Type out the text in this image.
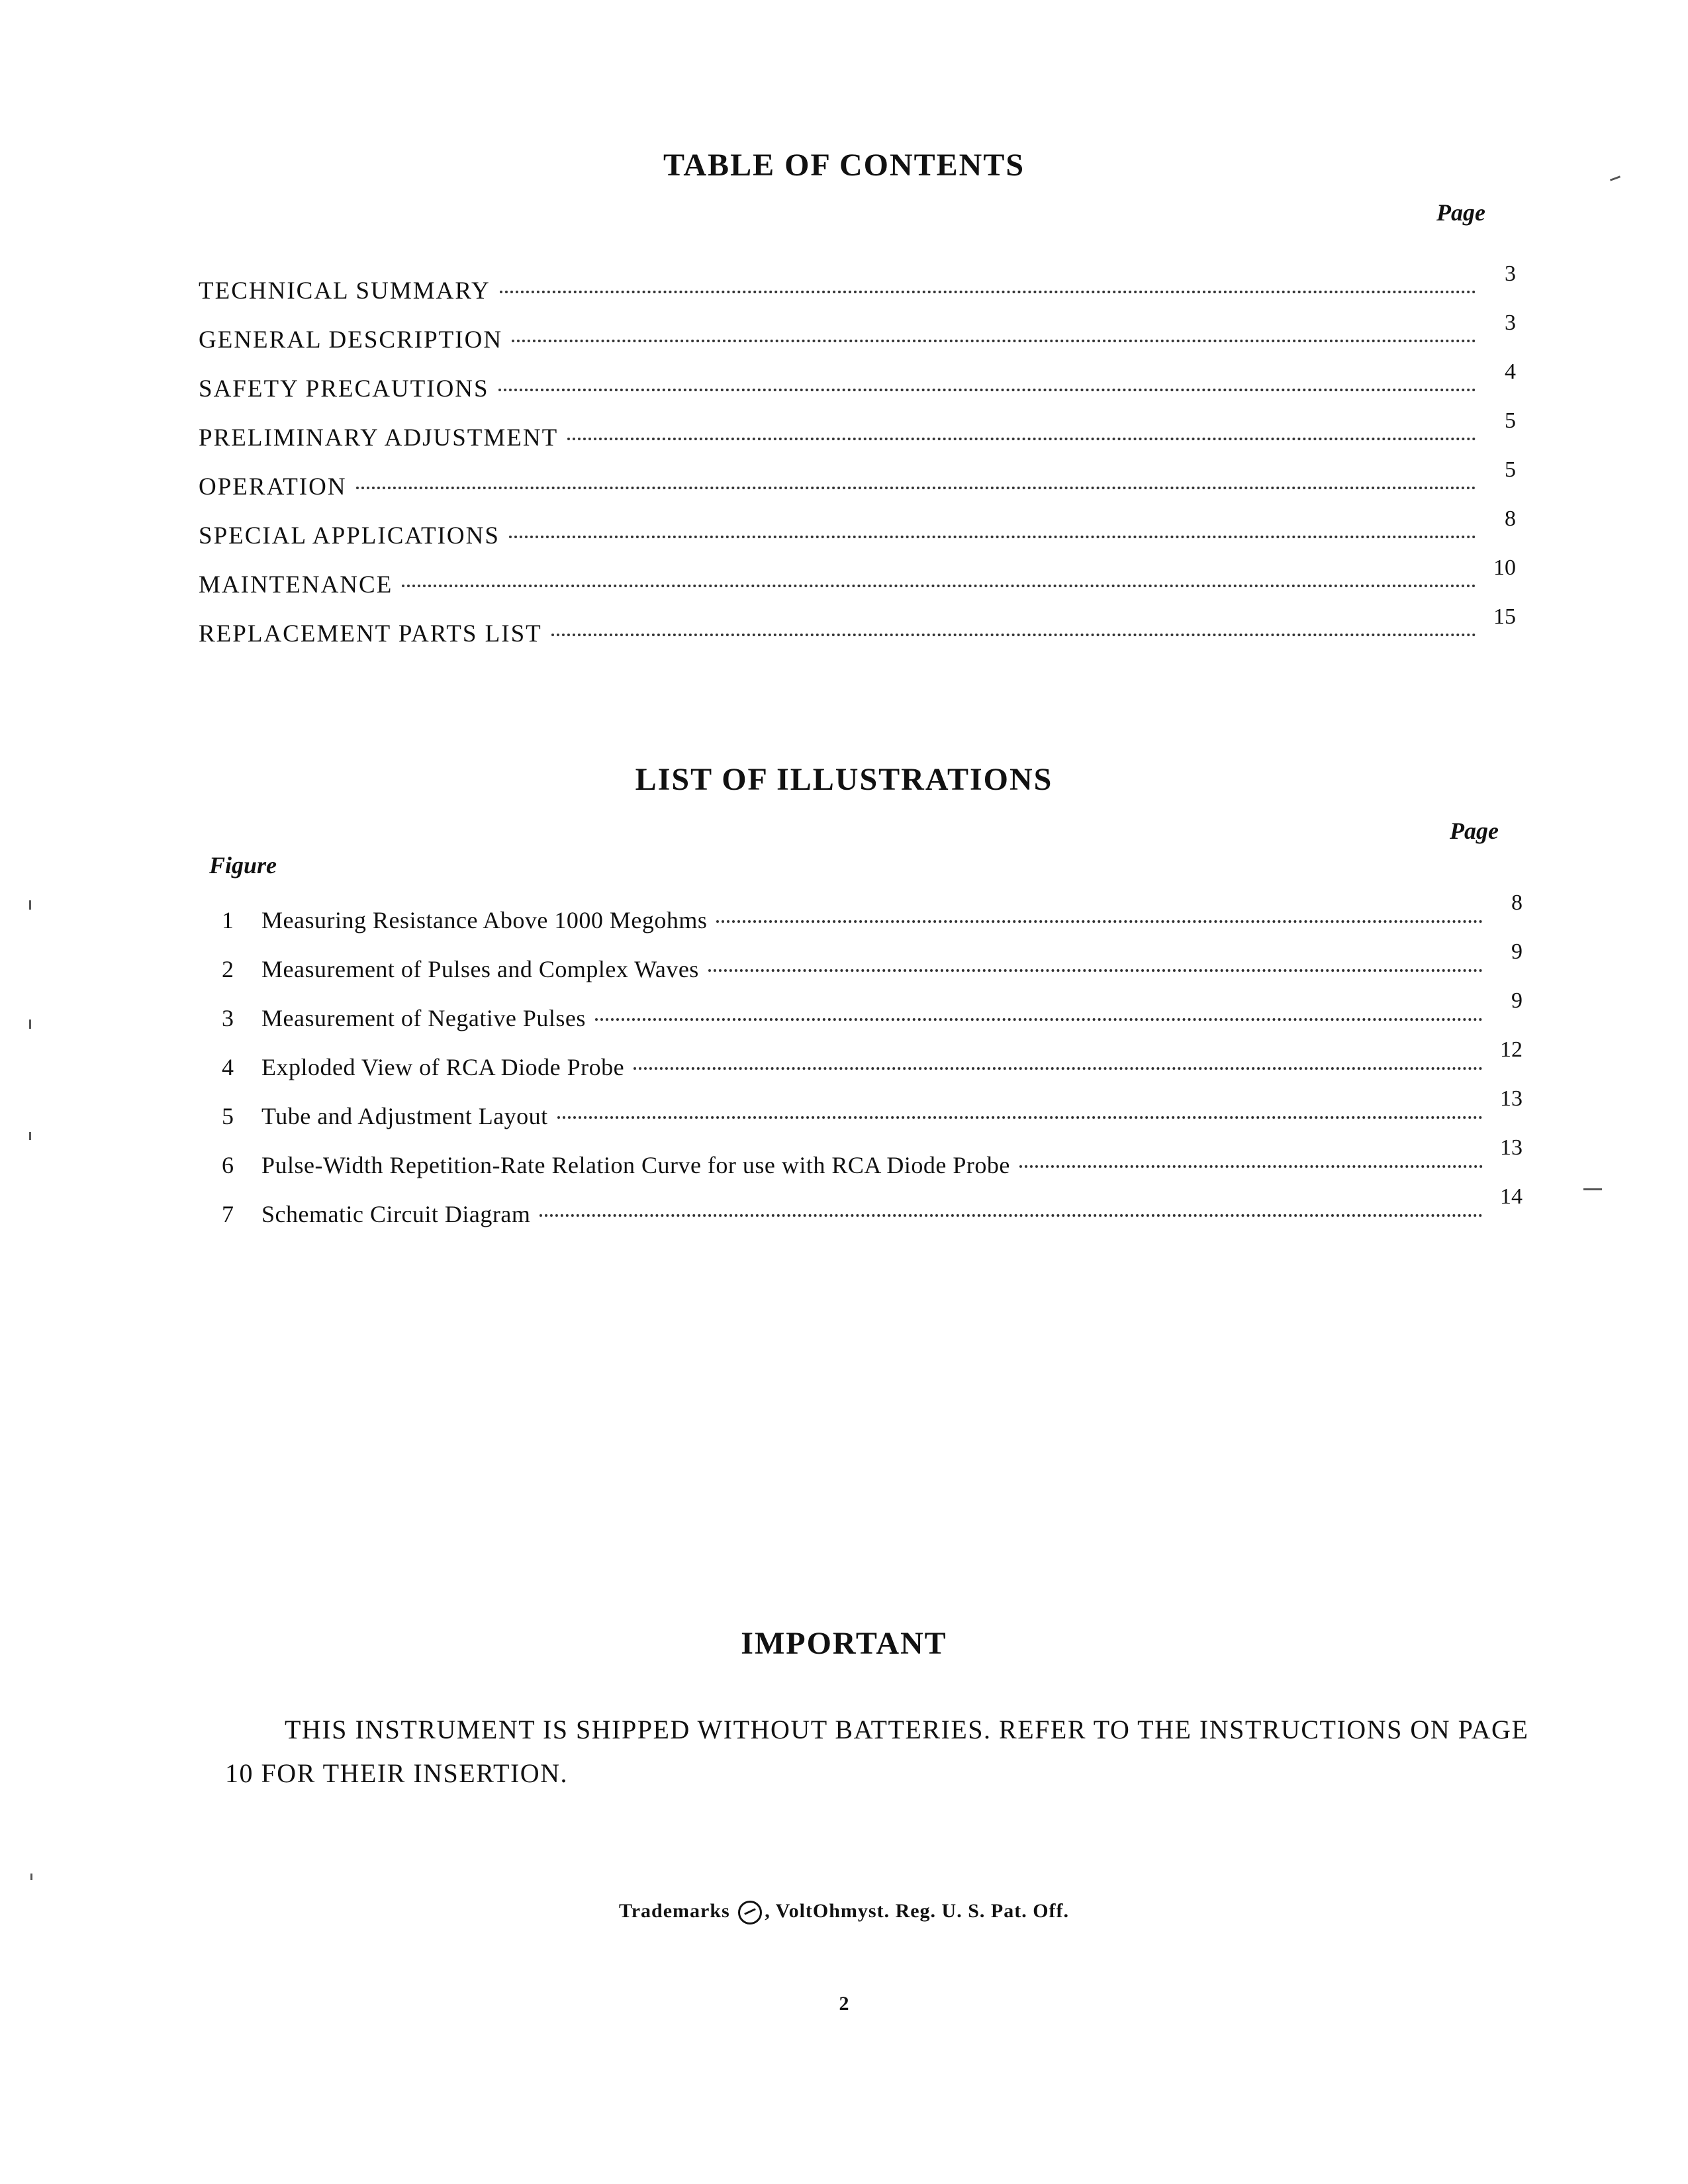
TABLE OF CONTENTS
Page
TECHNICAL SUMMARY
3
GENERAL DESCRIPTION
3
SAFETY PRECAUTIONS
4
PRELIMINARY ADJUSTMENT
5
OPERATION
5
SPECIAL APPLICATIONS
8
MAINTENANCE
10
REPLACEMENT PARTS LIST
15
LIST OF ILLUSTRATIONS
Page
Figure
1 Measuring Resistance Above 1000 Megohms
8
2 Measurement of Pulses and Complex Waves
9
3 Measurement of Negative Pulses
9
4 Exploded View of RCA Diode Probe
12
5 Tube and Adjustment Layout
13
6 Pulse-Width Repetition-Rate Relation Curve for use with RCA Diode Probe
13
7 Schematic Circuit Diagram
14
IMPORTANT

THIS INSTRUMENT IS SHIPPED WITHOUT BATTERIES. REFER TO THE INSTRUCTIONS ON PAGE 10 FOR THEIR INSERTION.

Trademarks , VoltOhmyst. Reg. U. S. Pat. Off.
2
